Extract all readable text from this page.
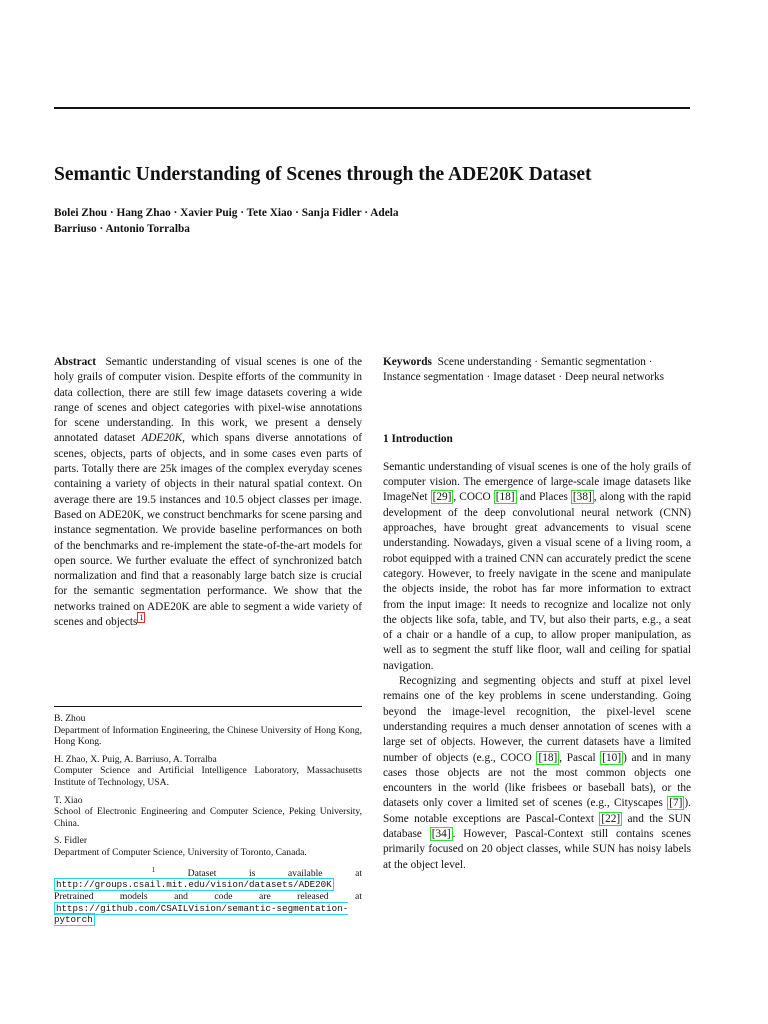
Semantic Understanding of Scenes through the ADE20K Dataset
Bolei Zhou · Hang Zhao · Xavier Puig · Tete Xiao · Sanja Fidler · Adela
Barriuso · Antonio Torralba

Abstract Semantic understanding of visual scenes is one of the holy grails of computer vision. Despite efforts of the community in data collection, there are still few image datasets covering a wide range of scenes and object categories with pixel-wise annotations for scene understanding. In this work, we present a densely annotated dataset ADE20K, which spans diverse annotations of scenes, objects, parts of objects, and in some cases even parts of parts. Totally there are 25k images of the complex everyday scenes containing a variety of objects in their natural spatial context. On average there are 19.5 instances and 10.5 object classes per image. Based on ADE20K, we construct benchmarks for scene parsing and instance segmentation. We provide baseline performances on both of the benchmarks and re-implement the state-of-the-art models for open source. We further evaluate the effect of synchronized batch normalization and find that a reasonably large batch size is crucial for the semantic segmentation performance. We show that the networks trained on ADE20K are able to segment a wide variety of scenes and objects $^1$

B. Zhou
Department of Information Engineering, the Chinese University of Hong Kong, Hong Kong.
H. Zhao, X. Puig, A. Barriuso, A. Torralba
Computer Science and Artificial Intelligence Laboratory, Massachusetts Institute of Technology, USA.
T. Xiao
School of Electronic Engineering and Computer Science, Peking University, China.
S. Fidler
Department of Computer Science, University of Toronto, Canada.

$^1$	Dataset is available at http://groups.csail.mit.edu/vision/datasets/ADE20K
Pretrained models and code are released at https://github.com/CSAILVision/semantic-segmentation-pytorch

Keywords Scene understanding · Semantic segmentation · Instance segmentation · Image dataset · Deep neural networks

1 Introduction

Semantic understanding of visual scenes is one of the holy grails of computer vision. The emergence of large-scale image datasets like ImageNet [29] , COCO [18] and Places [38] , along with the rapid development of the deep convolutional neural network (CNN) approaches, have brought great advancements to visual scene understanding. Nowadays, given a visual scene of a living room, a robot equipped with a trained CNN can accurately predict the scene category. However, to freely navigate in the scene and manipulate the objects inside, the robot has far more information to extract from the input image: It needs to recognize and localize not only the objects like sofa, table, and TV, but also their parts, e.g., a seat of a chair or a handle of a cup, to allow proper manipulation, as well as to segment the stuff like floor, wall and ceiling for spatial navigation.

Recognizing and segmenting objects and stuff at pixel level remains one of the key problems in scene understanding. Going beyond the image-level recognition, the pixel-level scene understanding requires a much denser annotation of scenes with a large set of objects. However, the current datasets have a limited number of objects (e.g., COCO [18] , Pascal [10] ) and in many cases those objects are not the most common objects one encounters in the world (like frisbees or baseball bats), or the datasets only cover a limited set of scenes (e.g., Cityscapes [7] ). Some notable exceptions are Pascal-Context [22] and the SUN database [34] . However, Pascal-Context still contains scenes primarily focused on 20 object classes, while SUN has noisy labels at the object level.
